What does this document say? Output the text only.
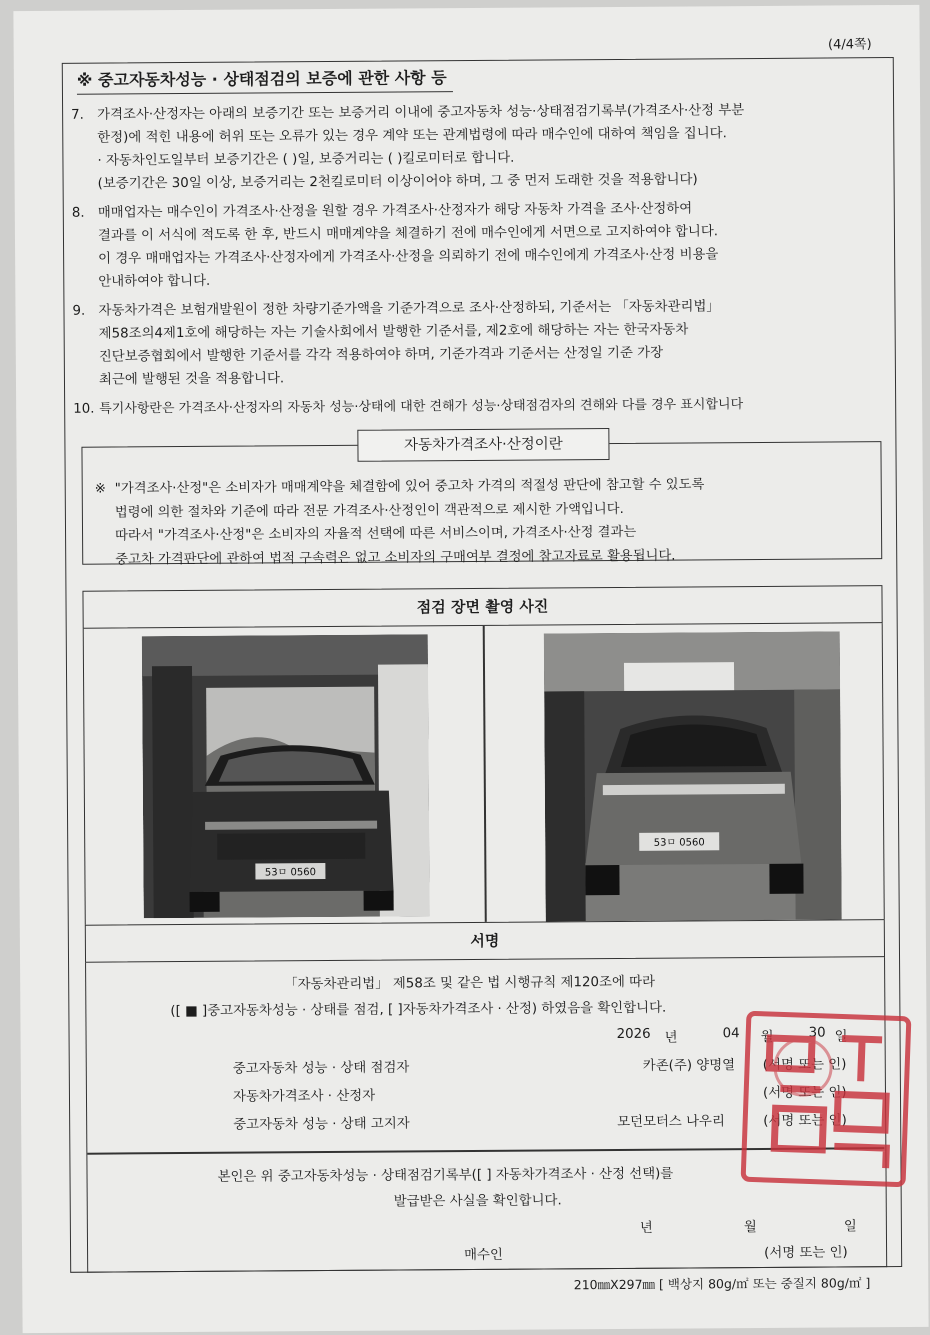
(4/4쪽)
※ 중고자동차성능 · 상태점검의 보증에 관한 사항 등
7. 가격조사·산정자는 아래의 보증기간 또는 보증거리 이내에 중고자동차 성능·상태점검기록부(가격조사·산정 부분
한정)에 적힌 내용에 허위 또는 오류가 있는 경우 계약 또는 관계법령에 따라 매수인에 대하여 책임을 집니다.
· 자동차인도일부터 보증기간은 ( )일, 보증거리는 ( )킬로미터로 합니다.
(보증기간은 30일 이상, 보증거리는 2천킬로미터 이상이어야 하며, 그 중 먼저 도래한 것을 적용합니다)

8. 매매업자는 매수인이 가격조사·산정을 원할 경우 가격조사·산정자가 해당 자동차 가격을 조사·산정하여
결과를 이 서식에 적도록 한 후, 반드시 매매계약을 체결하기 전에 매수인에게 서면으로 고지하여야 합니다.
이 경우 매매업자는 가격조사·산정자에게 가격조사·산정을 의뢰하기 전에 매수인에게 가격조사·산정 비용을
안내하여야 합니다.

9. 자동차가격은 보험개발원이 정한 차량기준가액을 기준가격으로 조사·산정하되, 기준서는 「자동차관리법」
제58조의4제1호에 해당하는 자는 기술사회에서 발행한 기준서를, 제2호에 해당하는 자는 한국자동차
진단보증협회에서 발행한 기준서를 각각 적용하여야 하며, 기준가격과 기준서는 산정일 기준 가장
최근에 발행된 것을 적용합니다.

10. 특기사항란은 가격조사·산정자의 자동차 성능·상태에 대한 견해가 성능·상태점검자의 견해와 다를 경우 표시합니다

※ "가격조사·산정"은 소비자가 매매계약을 체결함에 있어 중고차 가격의 적절성 판단에 참고할 수 있도록
법령에 의한 절차와 기준에 따라 전문 가격조사·산정인이 객관적으로 제시한 가액입니다.
따라서 "가격조사·산정"은 소비자의 자율적 선택에 따른 서비스이며, 가격조사·산정 결과는
중고차 가격판단에 관하여 법적 구속력은 없고 소비자의 구매여부 결정에 참고자료로 활용됩니다.

자동차가격조사·산정이란
점검 장면 촬영 사진
53ㅁ 0560
53ㅁ 0560
서명
「자동차관리법」 제58조 및 같은 법 시행규칙 제120조에 따라
([ ■ ]중고자동차성능 · 상태를 점검, [ ]자동차가격조사 · 산정) 하였음을 확인합니다.
2026 년	04 월	30 일
중고자동차 성능 · 상태 점검자	카존(주) 양명열 (서명 또는 인)
자동차가격조사 · 산정자	(서명 또는 인)
중고자동차 성능 · 상태 고지자	모던모터스 나우리	(서명 또는 인)
본인은 위 중고자동차성능 · 상태점검기록부([ ] 자동차가격조사 · 산정 선택)를
발급받은 사실을 확인합니다.
년	월	일
매수인	(서명 또는 인)
210㎜X297㎜ [ 백상지 80g/㎡ 또는 중질지 80g/㎡ ]
